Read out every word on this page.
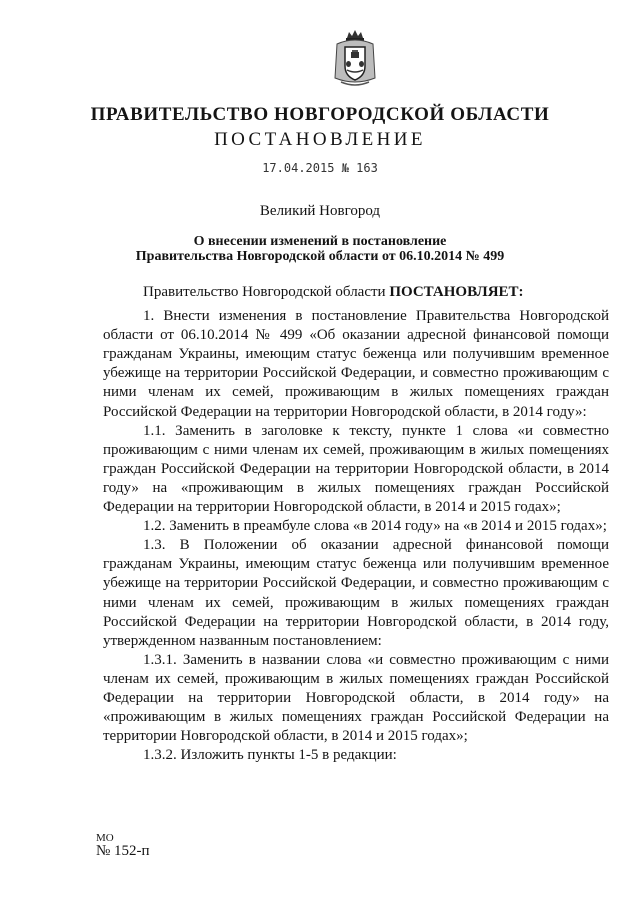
ПРАВИТЕЛЬСТВО НОВГОРОДСКОЙ ОБЛАСТИ
ПОСТАНОВЛЕНИЕ
17.04.2015 № 163
Великий Новгород
О внесении изменений в постановление
Правительства Новгородской области от 06.10.2014 № 499

Правительство Новгородской области ПОСТАНОВЛЯЕТ:

1. Внести изменения в постановление Правительства Новгородской области от 06.10.2014 № 499 «Об оказании адресной финансовой помощи гражданам Украины, имеющим статус беженца или получившим временное убежище на территории Российской Федерации, и совместно проживающим с ними членам их семей, проживающим в жилых помещениях граждан Российской Федерации на территории Новгородской области, в 2014 году»:

1.1. Заменить в заголовке к тексту, пункте 1 слова «и совместно проживающим с ними членам их семей, проживающим в жилых помещениях граждан Российской Федерации на территории Новгородской области, в 2014 году» на «проживающим в жилых помещениях граждан Российской Федерации на территории Новгородской области, в 2014 и 2015 годах»;

1.2. Заменить в преамбуле слова «в 2014 году» на «в 2014 и 2015 годах»;

1.3. В Положении об оказании адресной финансовой помощи гражданам Украины, имеющим статус беженца или получившим временное убежище на территории Российской Федерации, и совместно проживающим с ними членам их семей, проживающим в жилых помещениях граждан Российской Федерации на территории Новгородской области, в 2014 году, утвержденном названным постановлением:

1.3.1. Заменить в названии слова «и совместно проживающим с ними членам их семей, проживающим в жилых помещениях граждан Российской Федерации на территории Новгородской области, в 2014 году» на «проживающим в жилых помещениях граждан Российской Федерации на территории Новгородской области, в 2014 и 2015 годах»;

1.3.2. Изложить пункты 1-5 в редакции:

МО
№ 152-п
